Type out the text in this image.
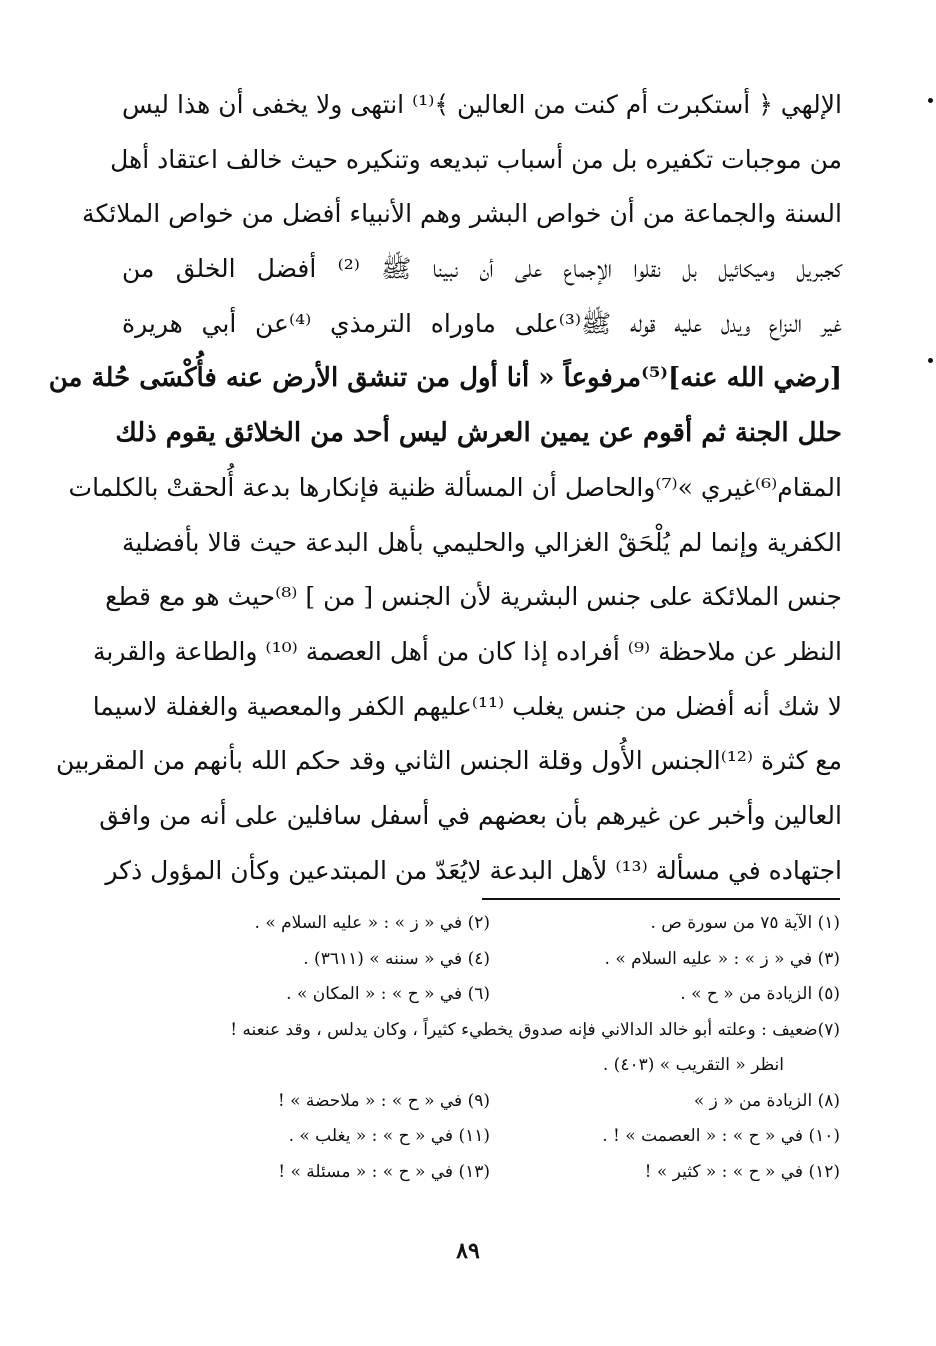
الإلهي ﴿ أستكبرت أم كنت من العالين ﴾⁽¹⁾ انتهى ولا يخفى أن هذا ليس
من موجبات تكفيره بل من أسباب تبديعه وتنكيره حيث خالف اعتقاد أهل
السنة والجماعة من أن خواص البشر وهم الأنبياء أفضل من خواص الملائكة
كجبريل وميكائيل بل نقلوا الإجماع على أن نبينا ﷺ ⁽²⁾ أفضل الخلق من
غير النزاع ويدل عليه قوله ﷺ⁽³⁾على ماوراه الترمذي ⁽⁴⁾عن أبي هريرة
[رضي الله عنه]⁽⁵⁾مرفوعاً « أنا أول من تنشق الأرض عنه فأُكْسَى حُلة من
حلل الجنة ثم أقوم عن يمين العرش ليس أحد من الخلائق يقوم ذلك
المقام⁽⁶⁾غيري »⁽⁷⁾والحاصل أن المسألة ظنية فإنكارها بدعة أُلحقتْ بالكلمات
الكفرية وإنما لم يُلْحَقْ الغزالي والحليمي بأهل البدعة حيث قالا بأفضلية
جنس الملائكة على جنس البشرية لأن الجنس [ من ] ⁽⁸⁾حيث هو مع قطع
النظر عن ملاحظة ⁽⁹⁾ أفراده إذا كان من أهل العصمة ⁽¹⁰⁾ والطاعة والقربة
لا شك أنه أفضل من جنس يغلب ⁽¹¹⁾عليهم الكفر والمعصية والغفلة لاسيما
مع كثرة ⁽¹²⁾الجنس الأُول وقلة الجنس الثاني وقد حكم الله بأنهم من المقربين
العالين وأخبر عن غيرهم بأن بعضهم في أسفل سافلين على أنه من وافق
اجتهاده في مسألة ⁽¹³⁾ لأهل البدعة لايُعَدّ من المبتدعين وكأن المؤول ذكر
(١) الآية ٧٥ من سورة ص .
(٢) في « ز » : « عليه السلام » .
(٣) في « ز » : « عليه السلام » .
(٤) في « سننه » (٣٦١١) .
(٥) الزيادة من « ح » .
(٦) في « ح » : « المكان » .
(٧)ضعيف : وعلته أبو خالد الدالاني فإنه صدوق يخطيء كثيراً ، وكان يدلس ، وقد عنعنه !
انظر « التقريب » (٤٠٣) .
(٨) الزيادة من « ز »
(٩) في « ح » : « ملاحضة » !
(١٠) في « ح » : « العصمت » ! .
(١١) في « ح » : « يغلب » .
(١٢) في « ح » : « كثير » !
(١٣) في « ح » : « مسئلة » !
٨٩
